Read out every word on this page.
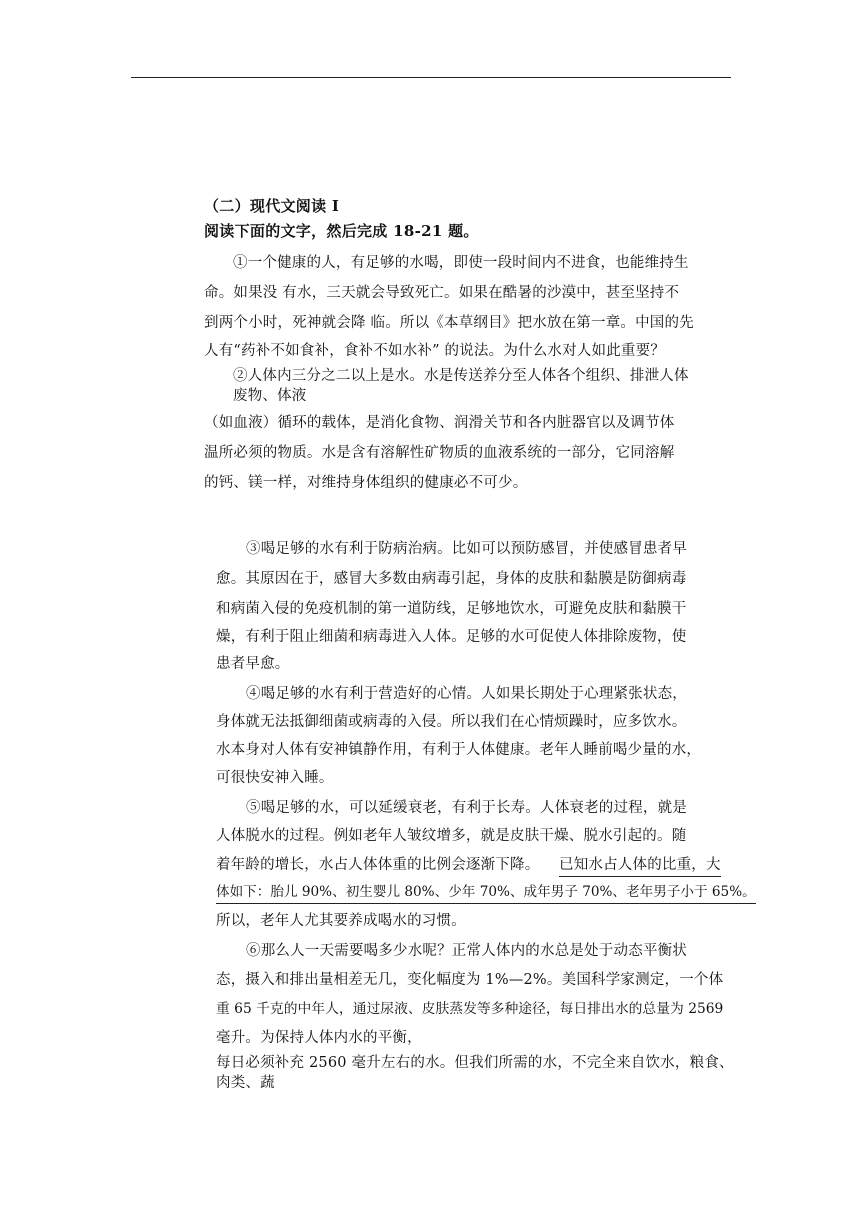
（二）现代文阅读 I
阅读下面的文字，然后完成 18-21 题。
①一个健康的人，有足够的水喝，即使一段时间内不进食，也能维持生
命。如果没 有水，三天就会导致死亡。如果在酷暑的沙漠中，甚至坚持不
到两个小时，死神就会降 临。所以《本草纲目》把水放在第一章。中国的先
人有“药补不如食补，食补不如水补” 的说法。为什么水对人如此重要？
②人体内三分之二以上是水。水是传送养分至人体各个组织、排泄人体
废物、体液
（如血液）循环的载体，是消化食物、润滑关节和各内脏器官以及调节体
温所必须的物质。水是含有溶解性矿物质的血液系统的一部分，它同溶解
的钙、镁一样，对维持身体组织的健康必不可少。
③喝足够的水有利于防病治病。比如可以预防感冒，并使感冒患者早
愈。其原因在于，感冒大多数由病毒引起，身体的皮肤和黏膜是防御病毒
和病菌入侵的免疫机制的第一道防线，足够地饮水，可避免皮肤和黏膜干
燥，有利于阻止细菌和病毒进入人体。足够的水可促使人体排除废物，使
患者早愈。
④喝足够的水有利于营造好的心情。人如果长期处于心理紧张状态，
身体就无法抵御细菌或病毒的入侵。所以我们在心情烦躁时，应多饮水。
水本身对人体有安神镇静作用，有利于人体健康。老年人睡前喝少量的水，
可很快安神入睡。
⑤喝足够的水，可以延缓衰老，有利于长寿。人体衰老的过程，就是
人体脱水的过程。例如老年人皱纹增多，就是皮肤干燥、脱水引起的。随
着年龄的增长，水占人体体重的比例会逐渐下降。 已知水占人体的比重，大
体如下：胎儿 90%、初生婴儿 80%、少年 70%、成年男子 70%、老年男子小于 65%。
所以，老年人尤其要养成喝水的习惯。
⑥那么人一天需要喝多少水呢？正常人体内的水总是处于动态平衡状
态，摄入和排出量相差无几，变化幅度为 1%—2%。美国科学家测定，一个体
重 65 千克的中年人，通过尿液、皮肤蒸发等多种途径，每日排出水的总量为 2569
毫升。为保持人体内水的平衡，
每日必须补充 2560 毫升左右的水。但我们所需的水，不完全来自饮水，粮食、
肉类、蔬
